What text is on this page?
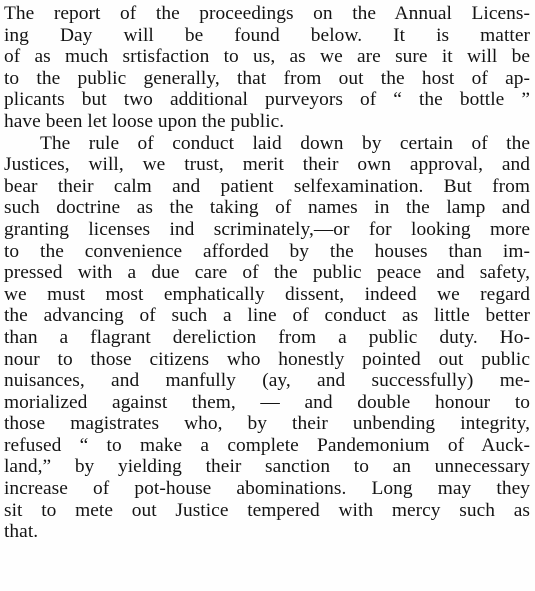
The report of the proceedings on the Annual Licens-
ing Day will be found below. It is matter
of as much srtisfaction to us, as we are sure it will be
to the public generally, that from out the host of ap-
plicants but two additional purveyors of “ the bottle ”
have been let loose upon the public.

The rule of conduct laid down by certain of the
Justices, will, we trust, merit their own approval, and
bear their calm and patient selfexamination. But from
such doctrine as the taking of names in the lamp and
granting licenses ind scriminately,—or for looking more
to the convenience afforded by the houses than im-
pressed with a due care of the public peace and safety,
we must most emphatically dissent, indeed we regard
the advancing of such a line of conduct as little better
than a flagrant dereliction from a public duty. Ho-
nour to those citizens who honestly pointed out public
nuisances, and manfully (ay, and successfully) me-
morialized against them, — and double honour to
those magistrates who, by their unbending integrity,
refused “ to make a complete Pandemonium of Auck-
land,” by yielding their sanction to an unnecessary
increase of pot-house abominations. Long may they
sit to mete out Justice tempered with mercy such as
that.
